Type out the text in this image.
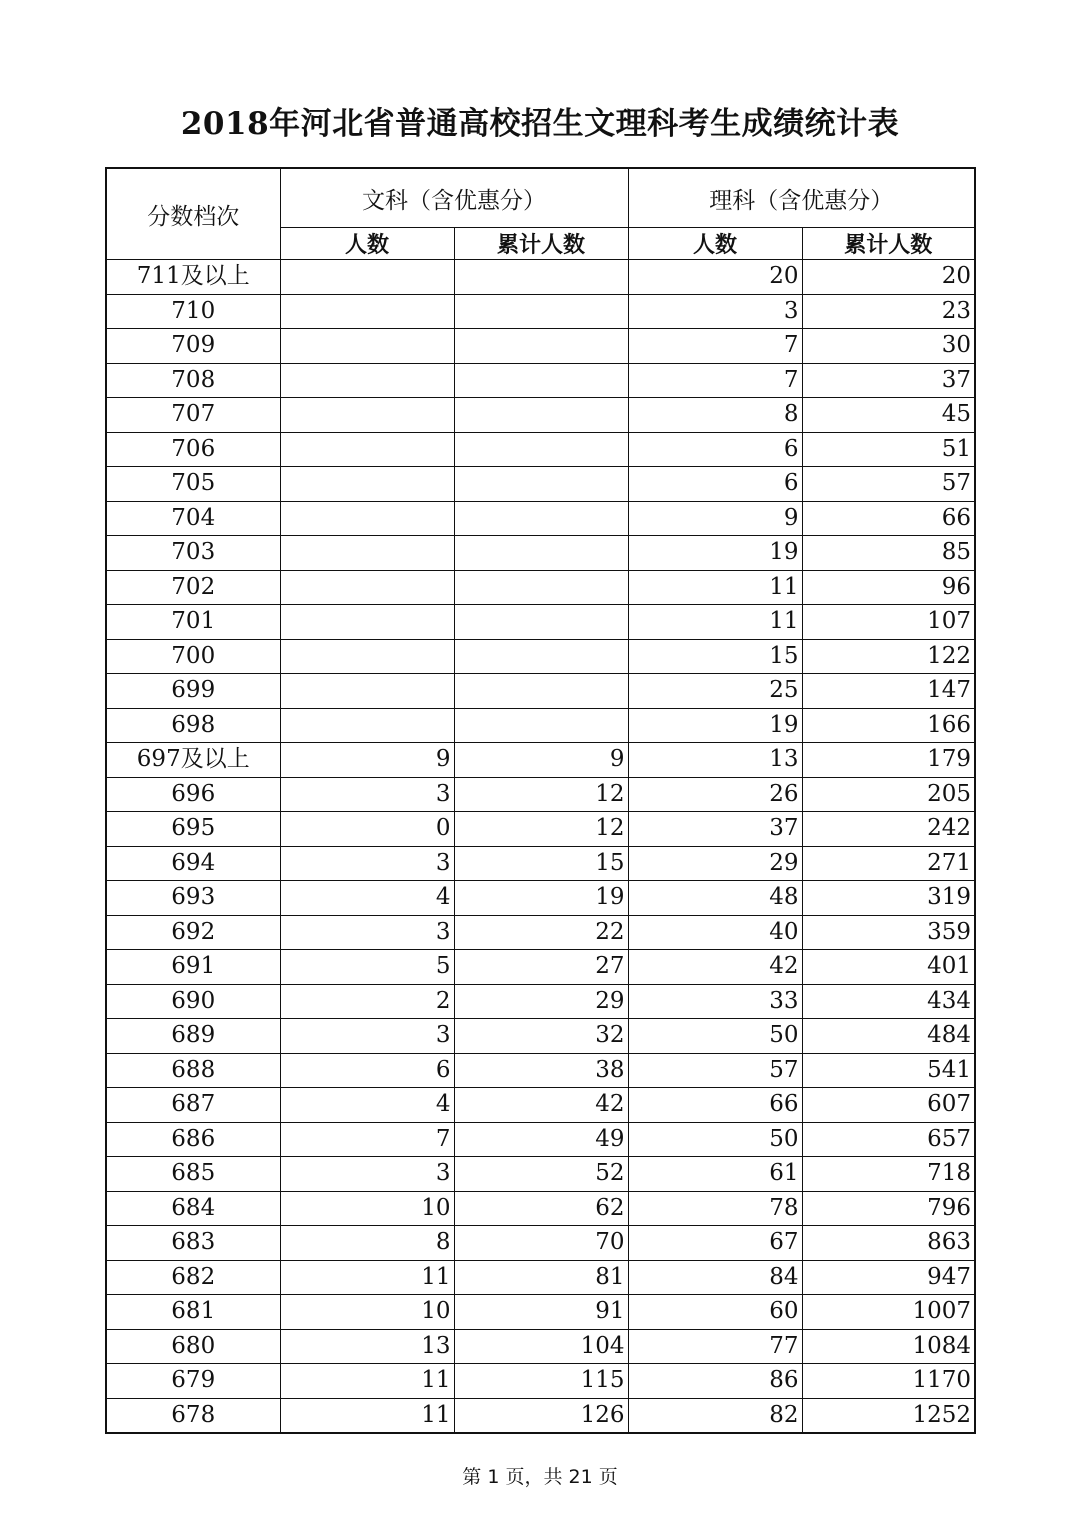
2018年河北省普通高校招生文理科考生成绩统计表
分数档次	文科（含优惠分）		理科（含优惠分）	
	人数	累计人数	人数	累计人数
711及以上			20	20
710			3	23
709			7	30
708			7	37
707			8	45
706			6	51
705			6	57
704			9	66
703			19	85
702			11	96
701			11	107
700			15	122
699			25	147
698			19	166
697及以上	9	9	13	179
696	3	12	26	205
695	0	12	37	242
694	3	15	29	271
693	4	19	48	319
692	3	22	40	359
691	5	27	42	401
690	2	29	33	434
689	3	32	50	484
688	6	38	57	541
687	4	42	66	607
686	7	49	50	657
685	3	52	61	718
684	10	62	78	796
683	8	70	67	863
682	11	81	84	947
681	10	91	60	1007
680	13	104	77	1084
679	11	115	86	1170
678	11	126	82	1252
第 1 页，共 21 页
